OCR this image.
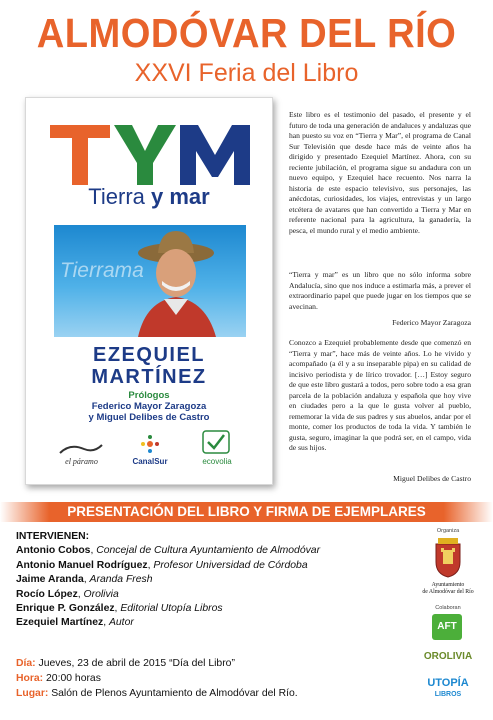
ALMODÓVAR DEL RÍO
XXVI Feria del Libro
Tierra y mar
Tierrama
EZEQUIEL
MARTÍNEZ
Prólogos
Federico Mayor Zaragoza
y Miguel Delibes de Castro
el páramo	CanalSur	ecovolia
Este libro es el testimonio del pasado, el presente y el futuro de toda una generación de andaluces y andaluzas que han puesto su voz en “Tierra y Mar”, el programa de Canal Sur Televisión que desde hace más de veinte años ha dirigido y presentado Ezequiel Martínez. Ahora, con su reciente jubilación, el programa sigue su andadura con un nuevo equipo, y Ezequiel hace recuento. Nos narra la historia de este espacio televisivo, sus personajes, las anécdotas, curiosidades, los viajes, entrevistas y un largo etcétera de avatares que han convertido a Tierra y Mar en referente nacional para la agricultura, la ganadería, la pesca, el mundo rural y el medio ambiente.
“Tierra y mar” es un libro que no sólo informa sobre Andalucía, sino que nos induce a estimarla más, a prever el extraordinario papel que puede jugar en los tiempos que se avecinan.
Federico Mayor Zaragoza
Conozco a Ezequiel probablemente desde que comenzó en “Tierra y mar”, hace más de veinte años. Lo he vivido y acompañado (a él y a su inseparable pipa) en su calidad de incisivo periodista y de lírico trovador. […] Estoy seguro de que este libro gustará a todos, pero sobre todo a esa gran parcela de la población andaluza y española que hoy vive en ciudades pero a la que le gusta volver al pueblo, rememorar la vida de sus padres y sus abuelos, andar por el monte, comer los productos de toda la vida. Y también le gusta, seguro, imaginar la que podrá ser, en el campo, vida de sus hijos.
Miguel Delibes de Castro
PRESENTACIÓN DEL LIBRO Y FIRMA DE EJEMPLARES
INTERVIENEN:
Antonio Cobos, Concejal de Cultura Ayuntamiento de Almodóvar
Antonio Manuel Rodríguez, Profesor Universidad de Córdoba
Jaime Aranda, Aranda Fresh
Rocío López, Orolivia
Enrique P. González, Editorial Utopía Libros
Ezequiel Martínez, Autor
Día: Jueves, 23 de abril de 2015 “Día del Libro”
Hora: 20:00 horas
Lugar: Salón de Plenos Ayuntamiento de Almodóvar del Río.
Organiza
Ayuntamiento
de Almodóvar del Río
Colaboran
AFT
OROLIVIA
UTOPÍA
LIBROS
